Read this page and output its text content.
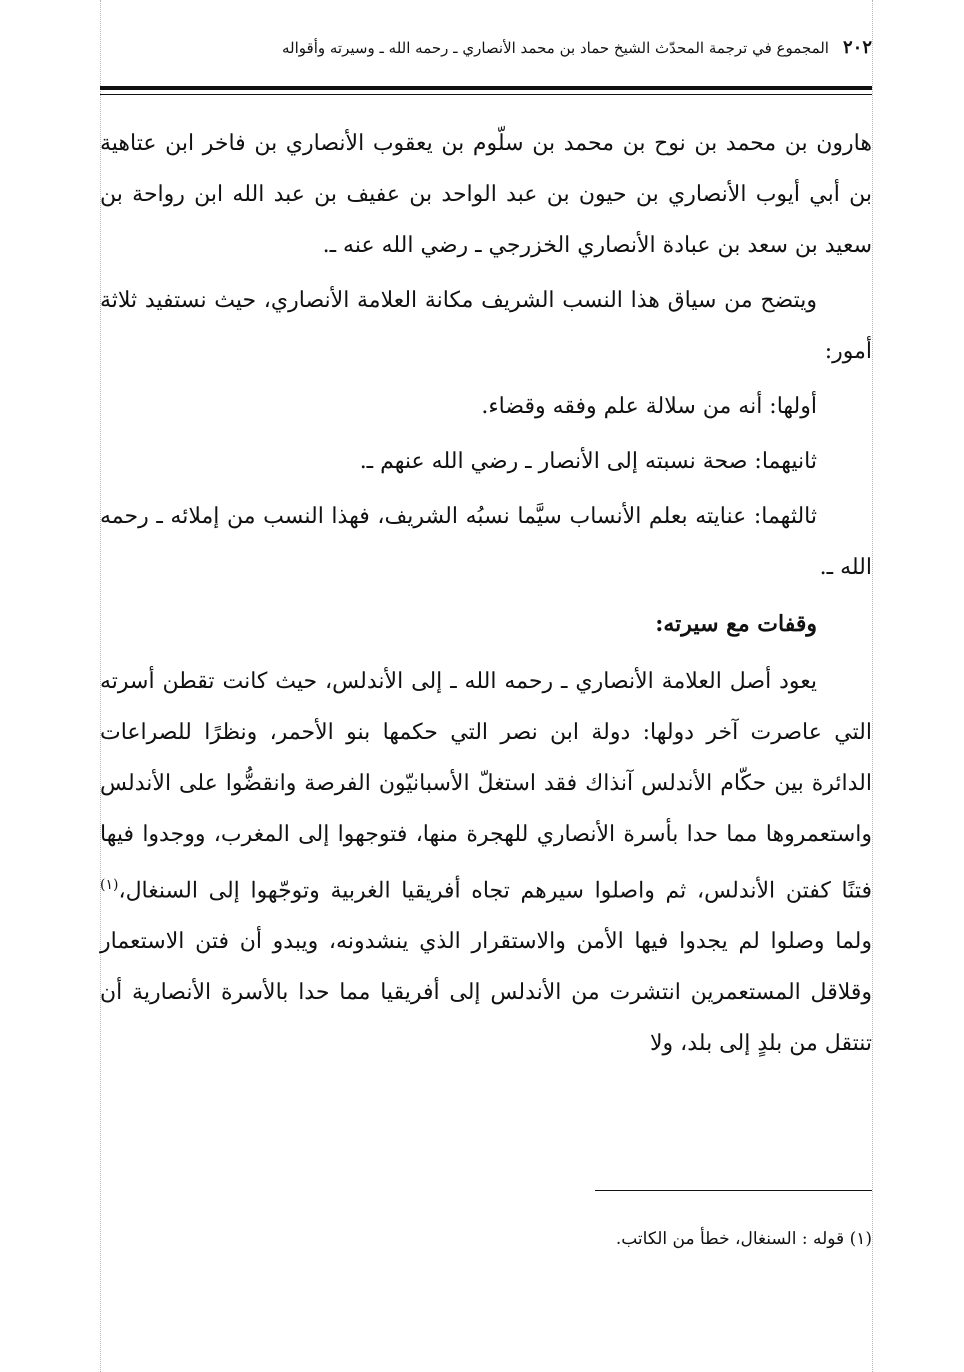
٢٠٢
المجموع في ترجمة المحدّث الشيخ حماد بن محمد الأنصاري ـ رحمه الله ـ وسيرته وأقواله

هارون بن محمد بن نوح بن محمد بن سلّوم بن يعقوب الأنصاري بن فاخر ابن عتاهية بن أبي أيوب الأنصاري بن حيون بن عبد الواحد بن عفيف بن عبد الله ابن رواحة بن سعيد بن سعد بن عبادة الأنصاري الخزرجي ـ رضي الله عنه ـ.

ويتضح من سياق هذا النسب الشريف مكانة العلامة الأنصاري، حيث نستفيد ثلاثة أمور:

أولها: أنه من سلالة علم وفقه وقضاء.

ثانيهما: صحة نسبته إلى الأنصار ـ رضي الله عنهم ـ.

ثالثهما: عنايته بعلم الأنساب سيَّما نسبُه الشريف، فهذا النسب من إملائه ـ رحمه الله ـ.

وقفات مع سيرته:

يعود أصل العلامة الأنصاري ـ رحمه الله ـ إلى الأندلس، حيث كانت تقطن أسرته التي عاصرت آخر دولها: دولة ابن نصر التي حكمها بنو الأحمر، ونظرًا للصراعات الدائرة بين حكّام الأندلس آنذاك فقد استغلّ الأسبانيّون الفرصة وانقضُّوا على الأندلس واستعمروها مما حدا بأسرة الأنصاري للهجرة منها، فتوجهوا إلى المغرب، ووجدوا فيها فتنًا كفتن الأندلس، ثم واصلوا سيرهم تجاه أفريقيا الغربية وتوجّهوا إلى السنغال،$^{(١)}$ ولما وصلوا لم يجدوا فيها الأمن والاستقرار الذي ينشدونه، ويبدو أن فتن الاستعمار وقلاقل المستعمرين انتشرت من الأندلس إلى أفريقيا مما حدا بالأسرة الأنصارية أن تنتقل من بلدٍ إلى بلد، ولا

(١) قوله : السنغال، خطأ من الكاتب.
